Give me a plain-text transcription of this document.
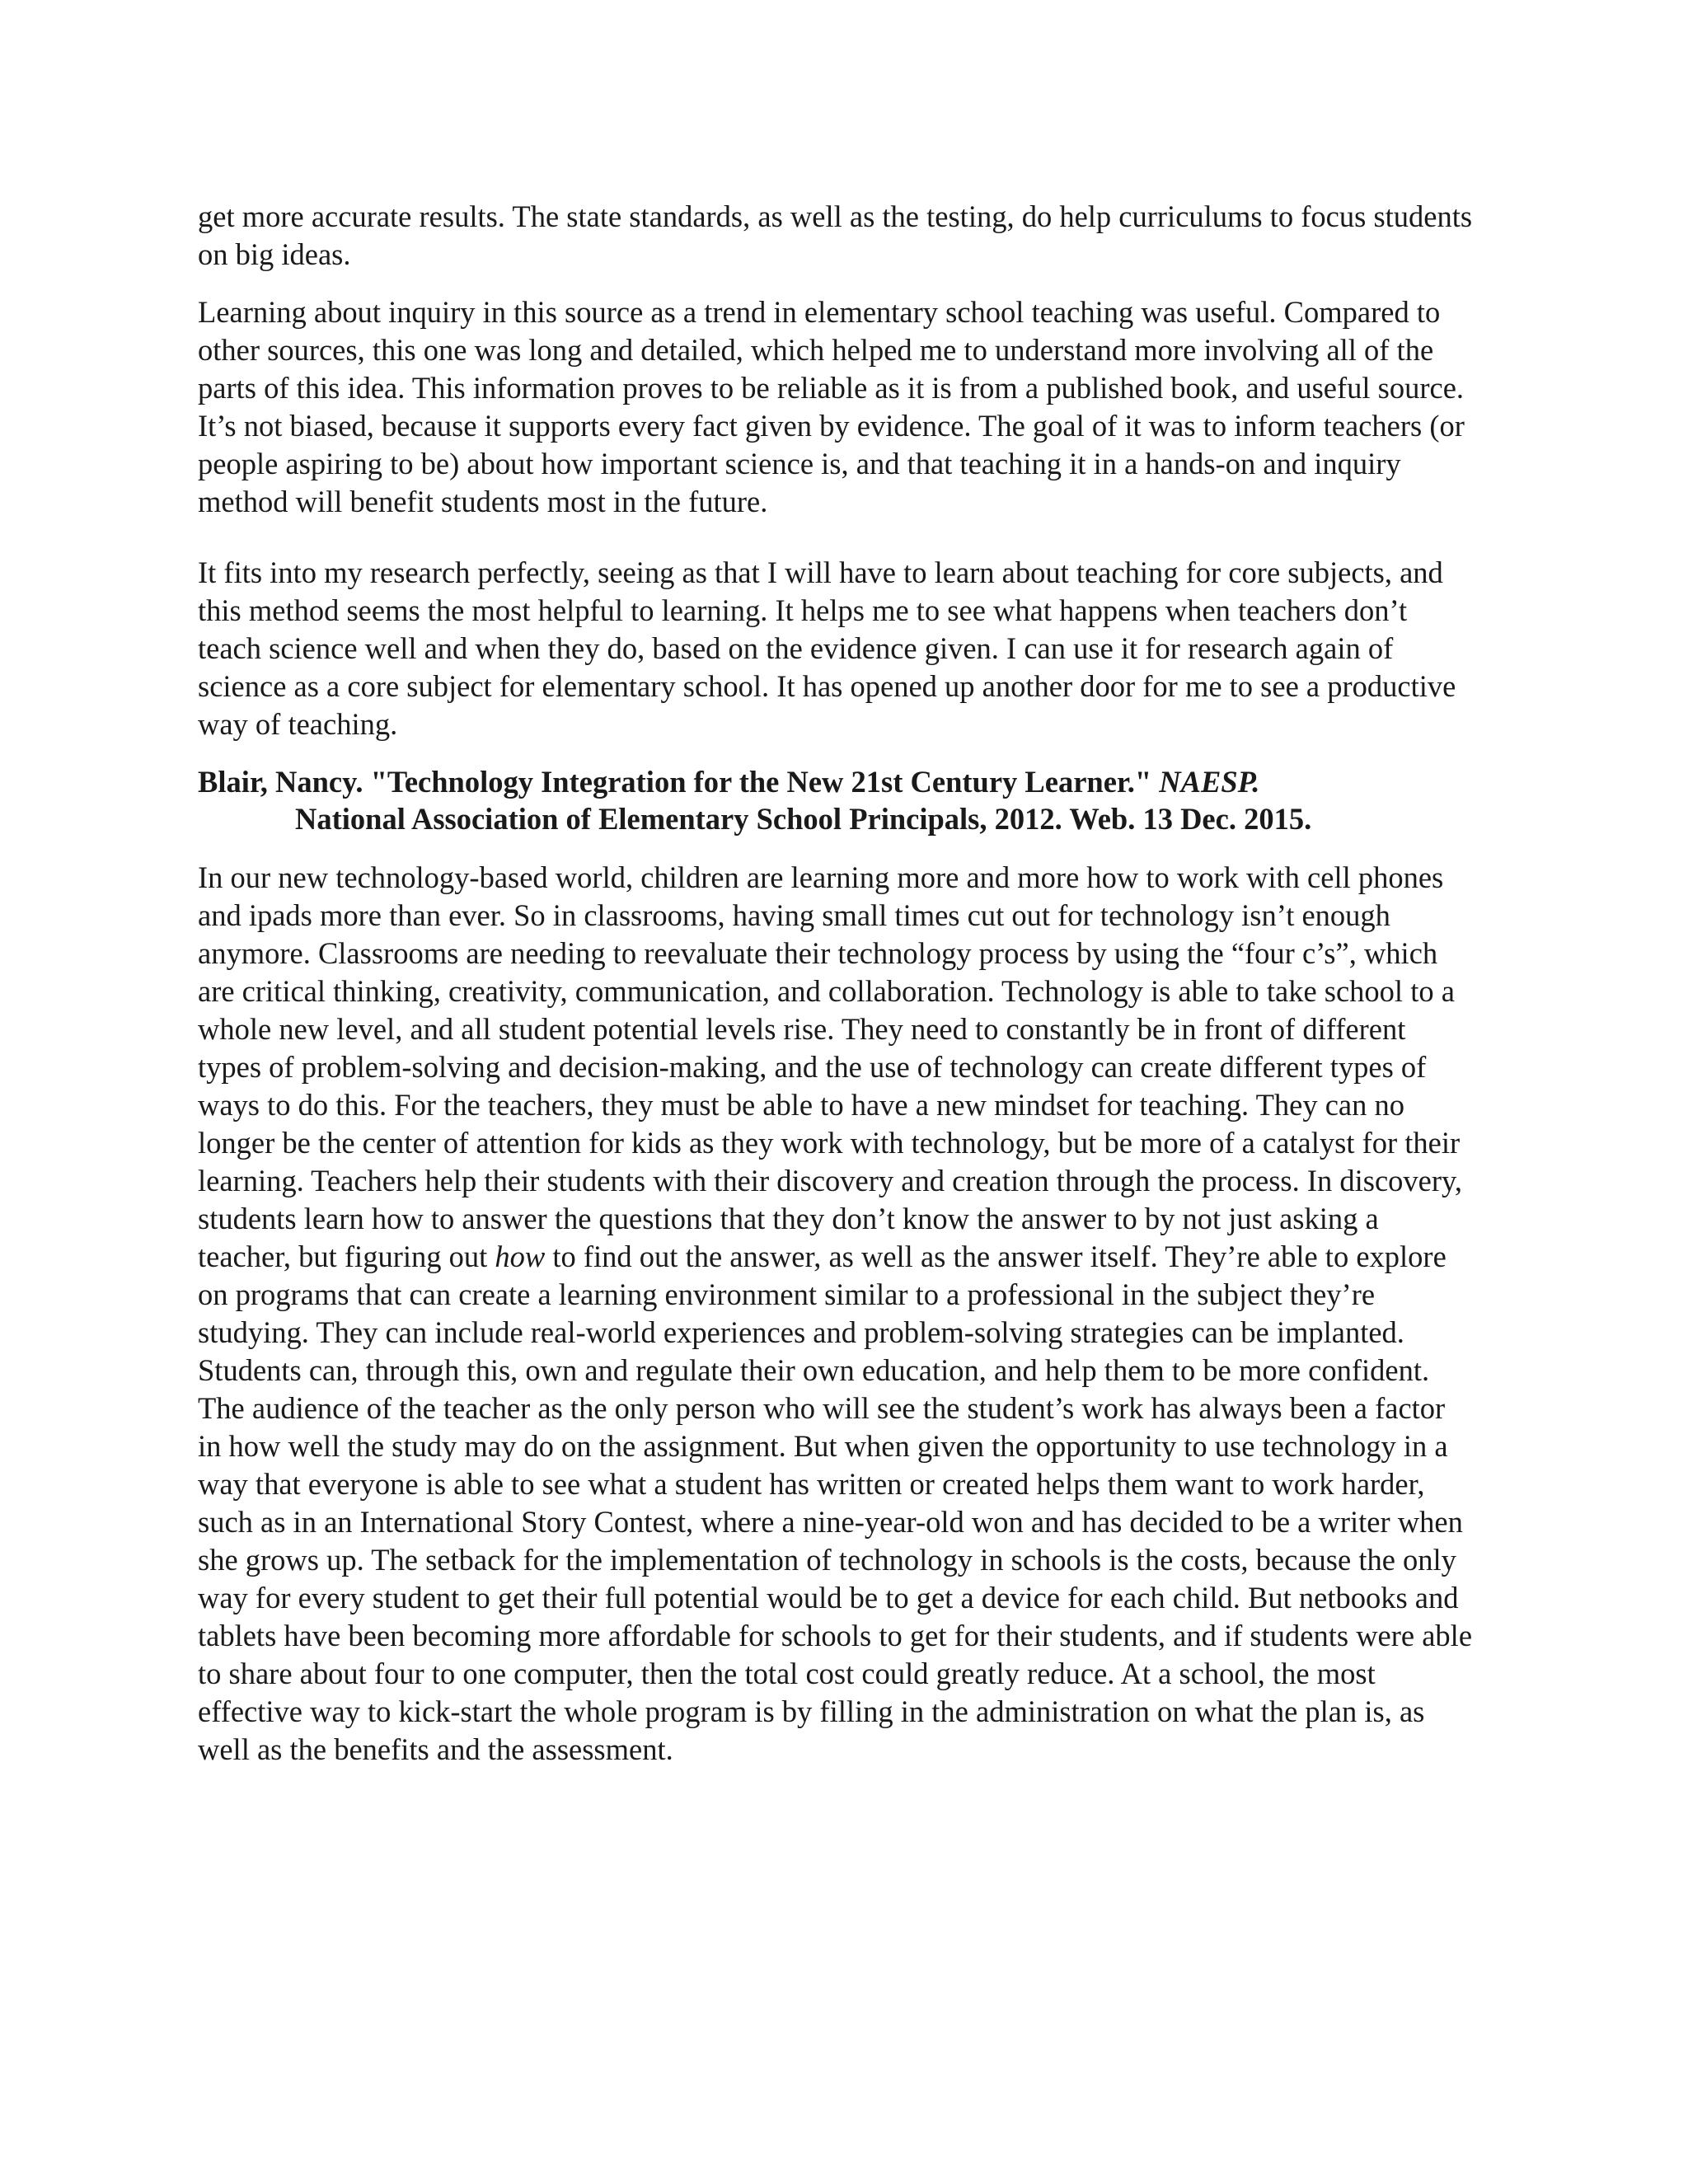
get more accurate results. The state standards, as well as the testing, do help curriculums to focus students on big ideas.

Learning about inquiry in this source as a trend in elementary school teaching was useful. Compared to other sources, this one was long and detailed, which helped me to understand more involving all of the parts of this idea. This information proves to be reliable as it is from a published book, and useful source. It’s not biased, because it supports every fact given by evidence. The goal of it was to inform teachers (or people aspiring to be) about how important science is, and that teaching it in a hands-on and inquiry method will benefit students most in the future.

It fits into my research perfectly, seeing as that I will have to learn about teaching for core subjects, and this method seems the most helpful to learning. It helps me to see what happens when teachers don’t teach science well and when they do, based on the evidence given. I can use it for research again of science as a core subject for elementary school. It has opened up another door for me to see a productive way of teaching.

Blair, Nancy. "Technology Integration for the New 21st Century Learner." NAESP.
National Association of Elementary School Principals, 2012. Web. 13 Dec. 2015.

In our new technology-based world, children are learning more and more how to work with cell phones and ipads more than ever. So in classrooms, having small times cut out for technology isn’t enough anymore. Classrooms are needing to reevaluate their technology process by using the “four c’s”, which are critical thinking, creativity, communication, and collaboration. Technology is able to take school to a whole new level, and all student potential levels rise. They need to constantly be in front of different types of problem-solving and decision-making, and the use of technology can create different types of ways to do this. For the teachers, they must be able to have a new mindset for teaching. They can no longer be the center of attention for kids as they work with technology, but be more of a catalyst for their learning. Teachers help their students with their discovery and creation through the process. In discovery, students learn how to answer the questions that they don’t know the answer to by not just asking a teacher, but figuring out how to find out the answer, as well as the answer itself. They’re able to explore on programs that can create a learning environment similar to a professional in the subject they’re studying. They can include real-world experiences and problem-solving strategies can be implanted. Students can, through this, own and regulate their own education, and help them to be more confident. The audience of the teacher as the only person who will see the student’s work has always been a factor in how well the study may do on the assignment. But when given the opportunity to use technology in a way that everyone is able to see what a student has written or created helps them want to work harder, such as in an International Story Contest, where a nine-year-old won and has decided to be a writer when she grows up. The setback for the implementation of technology in schools is the costs, because the only way for every student to get their full potential would be to get a device for each child. But netbooks and tablets have been becoming more affordable for schools to get for their students, and if students were able to share about four to one computer, then the total cost could greatly reduce. At a school, the most effective way to kick-start the whole program is by filling in the administration on what the plan is, as well as the benefits and the assessment.
